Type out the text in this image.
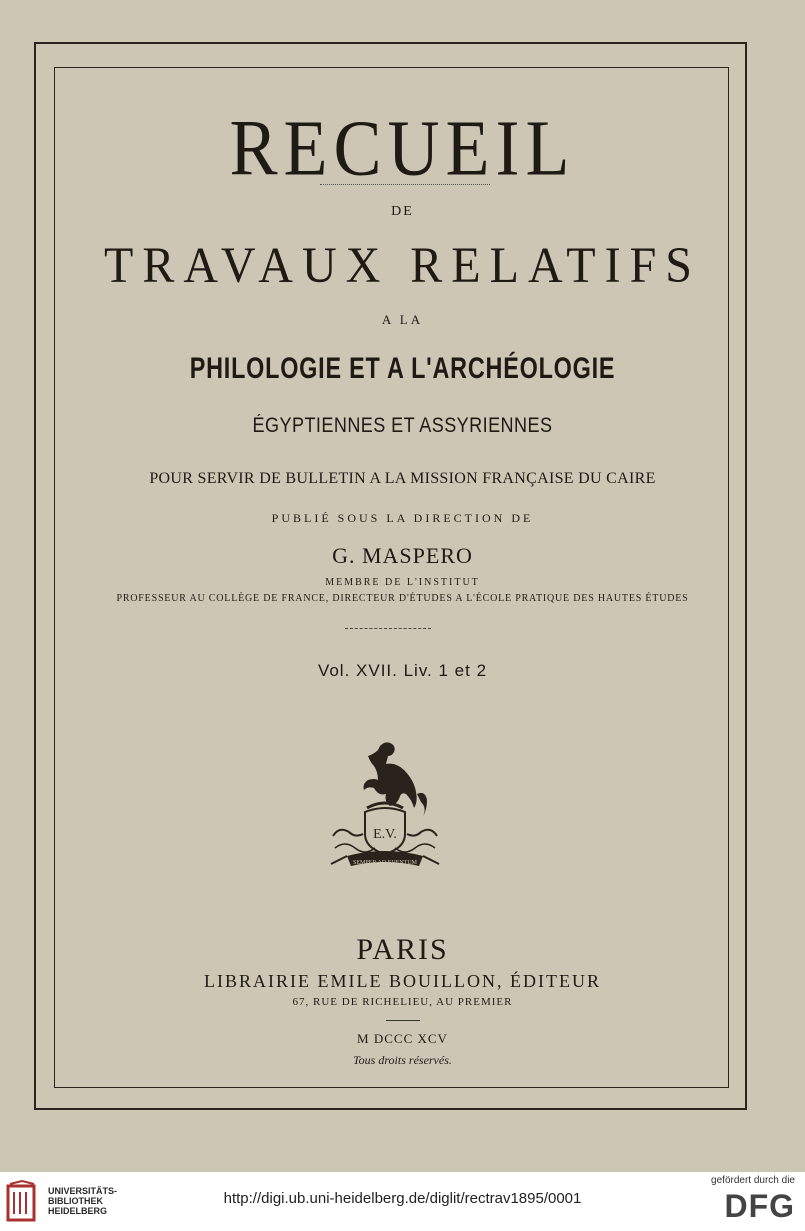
RECUEIL
DE
TRAVAUX RELATIFS
A LA
PHILOLOGIE ET A L'ARCHÉOLOGIE
ÉGYPTIENNES ET ASSYRIENNES
POUR SERVIR DE BULLETIN A LA MISSION FRANÇAISE DU CAIRE
PUBLIÉ SOUS LA DIRECTION DE
G. MASPERO
MEMBRE DE L'INSTITUT
PROFESSEUR AU COLLÈGE DE FRANCE, DIRECTEUR D'ÉTUDES A L'ÉCOLE PRATIQUE DES HAUTES ÉTUDES
Vol. XVII. Liv. 1 et 2
E.V.
SEMPER AD EVENTUM
PARIS
LIBRAIRIE EMILE BOUILLON, ÉDITEUR
67, RUE DE RICHELIEU, AU PREMIER
M DCCC XCV
Tous droits réservés.
UNIVERSITÄTS-
BIBLIOTHEK
HEIDELBERG
http://digi.ub.uni-heidelberg.de/diglit/rectrav1895/0001
gefördert durch die
DFG
